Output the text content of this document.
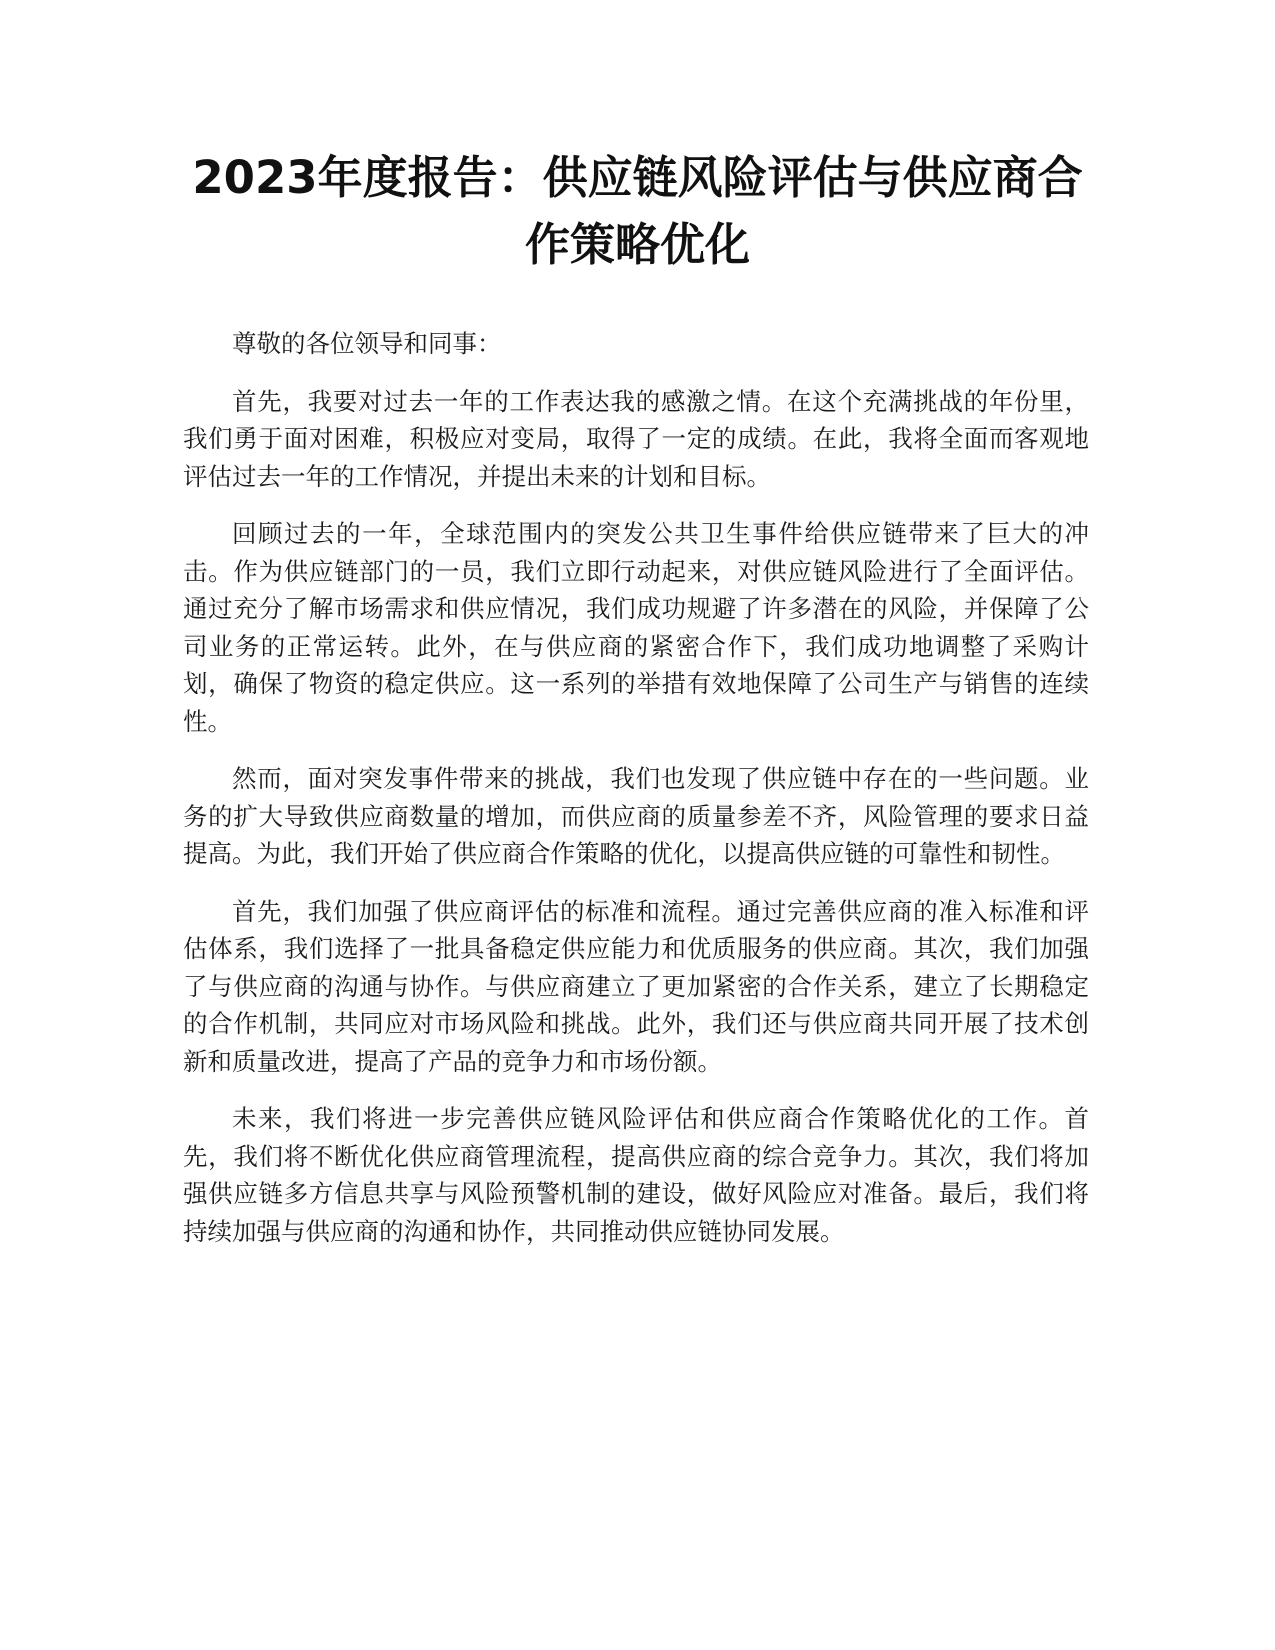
2023年度报告：供应链风险评估与供应商合作策略优化

尊敬的各位领导和同事：

首先，我要对过去一年的工作表达我的感激之情。在这个充满挑战的年份里，我们勇于面对困难，积极应对变局，取得了一定的成绩。在此，我将全面而客观地评估过去一年的工作情况，并提出未来的计划和目标。

回顾过去的一年，全球范围内的突发公共卫生事件给供应链带来了巨大的冲击。作为供应链部门的一员，我们立即行动起来，对供应链风险进行了全面评估。通过充分了解市场需求和供应情况，我们成功规避了许多潜在的风险，并保障了公司业务的正常运转。此外，在与供应商的紧密合作下，我们成功地调整了采购计划，确保了物资的稳定供应。这一系列的举措有效地保障了公司生产与销售的连续性。

然而，面对突发事件带来的挑战，我们也发现了供应链中存在的一些问题。业务的扩大导致供应商数量的增加，而供应商的质量参差不齐，风险管理的要求日益提高。为此，我们开始了供应商合作策略的优化，以提高供应链的可靠性和韧性。

首先，我们加强了供应商评估的标准和流程。通过完善供应商的准入标准和评估体系，我们选择了一批具备稳定供应能力和优质服务的供应商。其次，我们加强了与供应商的沟通与协作。与供应商建立了更加紧密的合作关系，建立了长期稳定的合作机制，共同应对市场风险和挑战。此外，我们还与供应商共同开展了技术创新和质量改进，提高了产品的竞争力和市场份额。

未来，我们将进一步完善供应链风险评估和供应商合作策略优化的工作。首先，我们将不断优化供应商管理流程，提高供应商的综合竞争力。其次，我们将加强供应链多方信息共享与风险预警机制的建设，做好风险应对准备。最后，我们将持续加强与供应商的沟通和协作，共同推动供应链协同发展。
